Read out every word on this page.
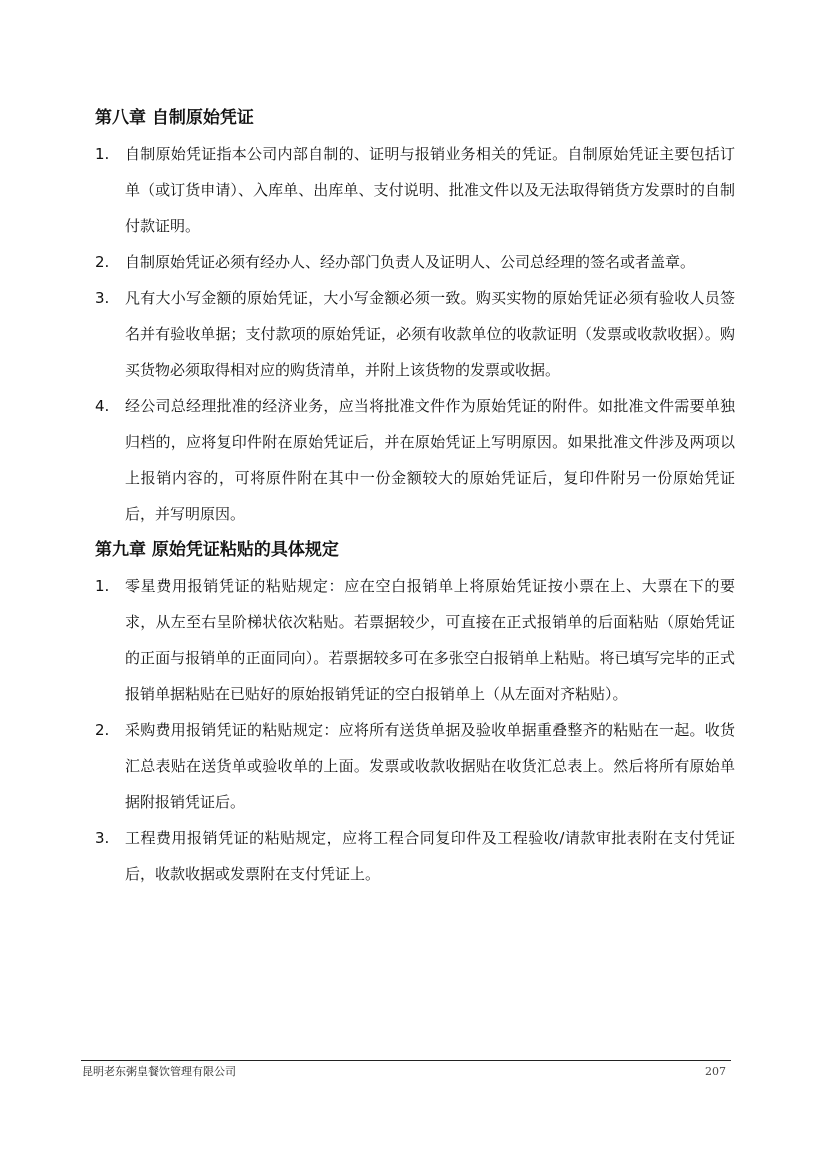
第八章 自制原始凭证
1. 自制原始凭证指本公司内部自制的、证明与报销业务相关的凭证。自制原始凭证主要包括订单（或订货申请）、入库单、出库单、支付说明、批准文件以及无法取得销货方发票时的自制付款证明。
2. 自制原始凭证必须有经办人、经办部门负责人及证明人、公司总经理的签名或者盖章。
3. 凡有大小写金额的原始凭证，大小写金额必须一致。购买实物的原始凭证必须有验收人员签名并有验收单据；支付款项的原始凭证，必须有收款单位的收款证明（发票或收款收据）。购买货物必须取得相对应的购货清单，并附上该货物的发票或收据。
4. 经公司总经理批准的经济业务，应当将批准文件作为原始凭证的附件。如批准文件需要单独归档的，应将复印件附在原始凭证后，并在原始凭证上写明原因。如果批准文件涉及两项以上报销内容的，可将原件附在其中一份金额较大的原始凭证后，复印件附另一份原始凭证后，并写明原因。
第九章 原始凭证粘贴的具体规定
1. 零星费用报销凭证的粘贴规定：应在空白报销单上将原始凭证按小票在上、大票在下的要求，从左至右呈阶梯状依次粘贴。若票据较少，可直接在正式报销单的后面粘贴（原始凭证的正面与报销单的正面同向）。若票据较多可在多张空白报销单上粘贴。将已填写完毕的正式报销单据粘贴在已贴好的原始报销凭证的空白报销单上（从左面对齐粘贴）。
2. 采购费用报销凭证的粘贴规定：应将所有送货单据及验收单据重叠整齐的粘贴在一起。收货汇总表贴在送货单或验收单的上面。发票或收款收据贴在收货汇总表上。然后将所有原始单据附报销凭证后。
3. 工程费用报销凭证的粘贴规定，应将工程合同复印件及工程验收/请款审批表附在支付凭证后，收款收据或发票附在支付凭证上。
昆明老东粥皇餐饮管理有限公司	207
